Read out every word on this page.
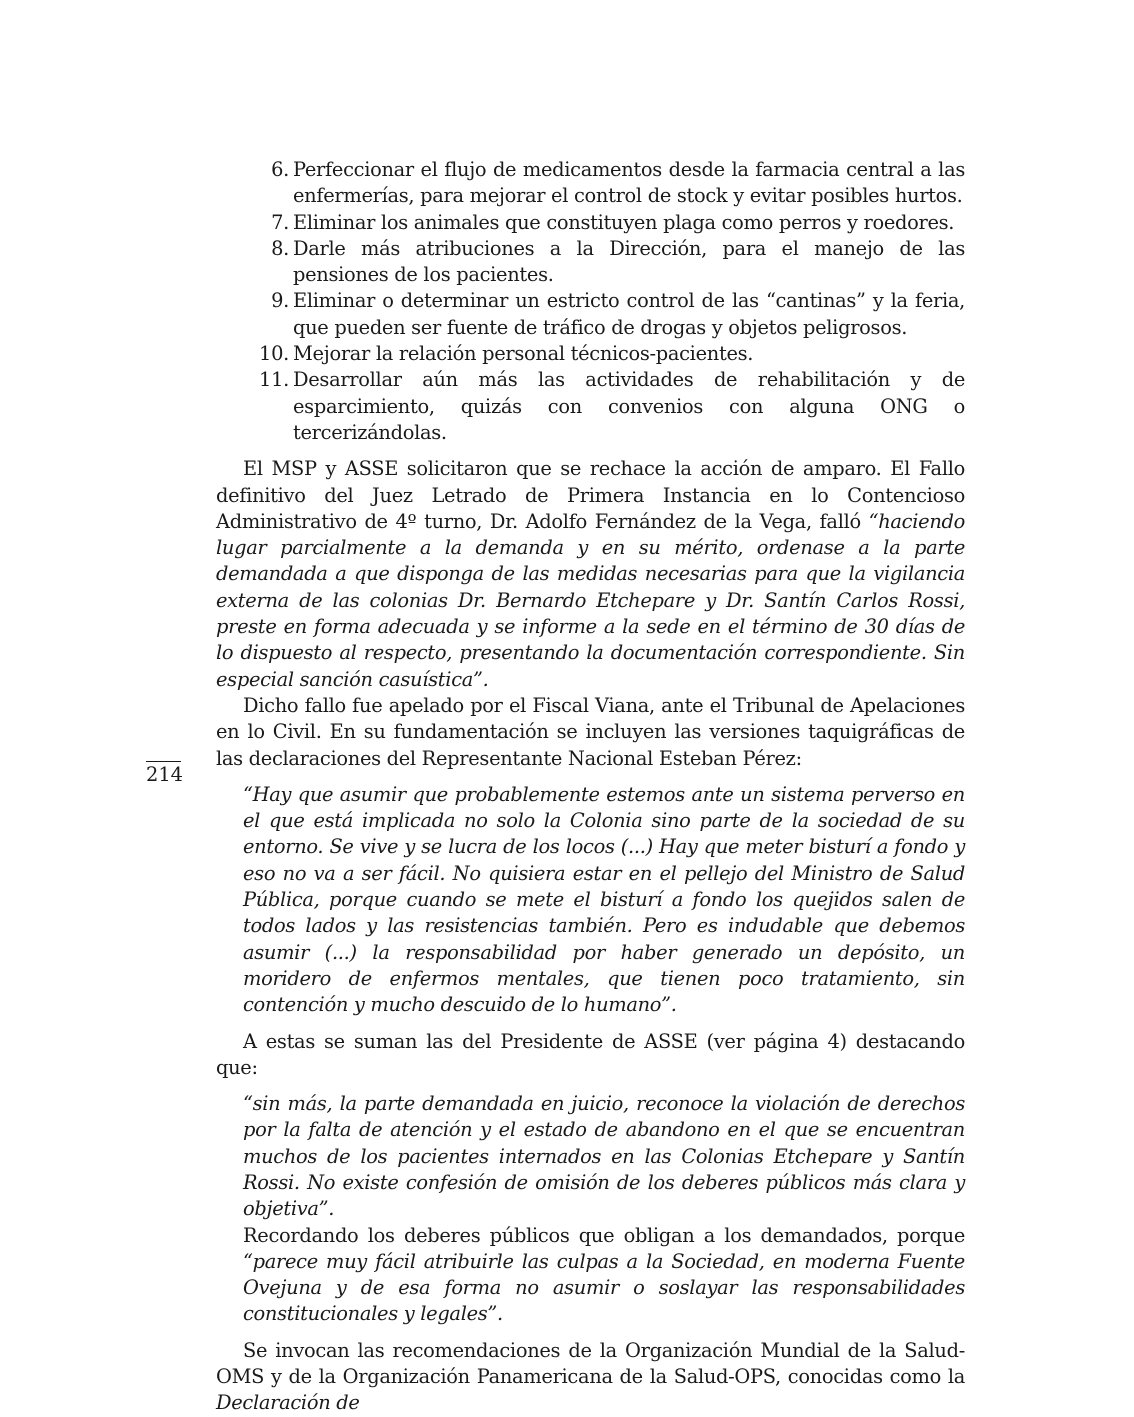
6. Perfeccionar el flujo de medicamentos desde la farmacia central a las enfermerías, para mejorar el control de stock y evitar posibles hurtos.
7. Eliminar los animales que constituyen plaga como perros y roedores.
8. Darle más atribuciones a la Dirección, para el manejo de las pensiones de los pacientes.
9. Eliminar o determinar un estricto control de las “cantinas” y la feria, que pueden ser fuente de tráfico de drogas y objetos peligrosos.
10. Mejorar la relación personal técnicos-pacientes.
11. Desarrollar aún más las actividades de rehabilitación y de esparcimiento, quizás con convenios con alguna ONG o tercerizándolas.

El MSP y ASSE solicitaron que se rechace la acción de amparo. El Fallo definitivo del Juez Letrado de Primera Instancia en lo Contencioso Administrativo de 4º turno, Dr. Adolfo Fernández de la Vega, falló “haciendo lugar parcialmente a la demanda y en su mérito, ordenase a la parte demandada a que disponga de las medidas necesarias para que la vigilancia externa de las colonias Dr. Bernardo Etchepare y Dr. Santín Carlos Rossi, preste en forma adecuada y se informe a la sede en el término de 30 días de lo dispuesto al respecto, presentando la documentación correspondiente. Sin especial sanción casuística”.

Dicho fallo fue apelado por el Fiscal Viana, ante el Tribunal de Apelaciones en lo Civil. En su fundamentación se incluyen las versiones taquigráficas de las declaraciones del Representante Nacional Esteban Pérez:

“Hay que asumir que probablemente estemos ante un sistema perverso en el que está implicada no solo la Colonia sino parte de la sociedad de su entorno. Se vive y se lucra de los locos (...) Hay que meter bisturí a fondo y eso no va a ser fácil. No quisiera estar en el pellejo del Ministro de Salud Pública, porque cuando se mete el bisturí a fondo los quejidos salen de todos lados y las resistencias también. Pero es indudable que debemos asumir (...) la responsabilidad por haber generado un depósito, un moridero de enfermos mentales, que tienen poco tratamiento, sin contención y mucho descuido de lo humano”.

A estas se suman las del Presidente de ASSE (ver página 4) destacando que:

“sin más, la parte demandada en juicio, reconoce la violación de derechos por la falta de atención y el estado de abandono en el que se encuentran muchos de los pacientes internados en las Colonias Etchepare y Santín Rossi. No existe confesión de omisión de los deberes públicos más clara y objetiva”.

Recordando los deberes públicos que obligan a los demandados, porque “parece muy fácil atribuirle las culpas a la Sociedad, en moderna Fuente Ovejuna y de esa forma no asumir o soslayar las responsabilidades constitucionales y legales”.

Se invocan las recomendaciones de la Organización Mundial de la Salud-OMS y de la Organización Panamericana de la Salud-OPS, conocidas como la Declaración de

214
